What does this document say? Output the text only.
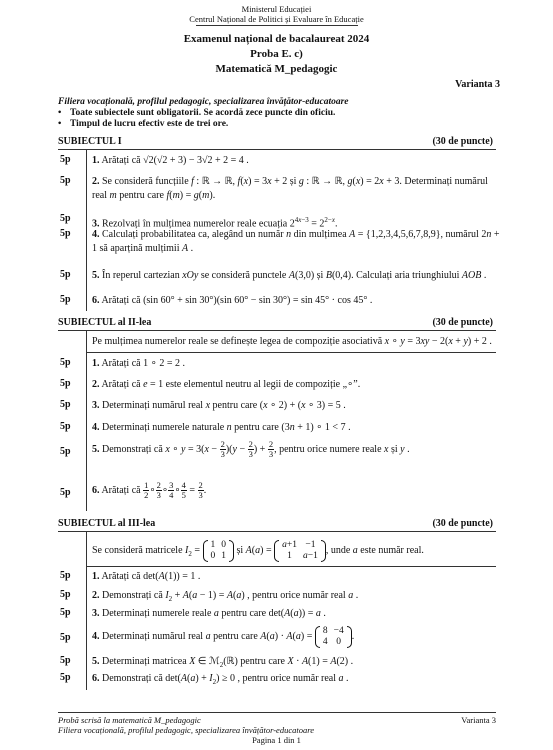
Ministerul Educației
Centrul Național de Politici și Evaluare în Educație
Examenul național de bacalaureat 2024
Proba E. c)
Matematică M_pedagogic
Varianta 3
Filiera vocațională, profilul pedagogic, specializarea învățător-educatoare
• Toate subiectele sunt obligatorii. Se acordă zece puncte din oficiu.
• Timpul de lucru efectiv este de trei ore.
SUBIECTUL I	(30 de puncte)
5p	1. Arătați că √2(√2 + 3) − 3√2 + 2 = 4 .
5p	2. Se consideră funcțiile f : ℝ → ℝ, f(x) = 3x + 2 și g : ℝ → ℝ, g(x) = 2x + 3. Determinați numărul real m pentru care f(m) = g(m).
5p	3. Rezolvați în mulțimea numerelor reale ecuația $2^{4x-3} = 2^{2-x}$.
5p	4. Calculați probabilitatea ca, alegând un număr n din mulțimea A = {1,2,3,4,5,6,7,8,9}, numărul 2n + 1 să aparțină mulțimii A .
5p	5. În reperul cartezian xOy se consideră punctele A(3,0) și B(0,4). Calculați aria triunghiului AOB .
5p	6. Arătați că (sin 60° + sin 30°)(sin 60° − sin 30°) = sin 45° · cos 45° .
SUBIECTUL al II-lea	(30 de puncte)
Pe mulțimea numerelor reale se definește legea de compoziție asociativă x ∘ y = 3xy − 2(x + y) + 2 .
5p	1. Arătați că 1 ∘ 2 = 2 .
5p	2. Arătați că e = 1 este elementul neutru al legii de compoziție „∘”.
5p	3. Determinați numărul real x pentru care (x ∘ 2) + (x ∘ 3) = 5 .
5p	4. Determinați numerele naturale n pentru care (3n + 1) ∘ 1 < 7 .
5p	5. Demonstrați că x ∘ $y = 3(x - \frac{2}{3} )(y - \frac{2}{3}$ ) + $\frac{2}{3}$ , pentru orice numere reale x și y .
5p	6. Arătați că $\frac{1}{2}$ ∘ $\frac{2}{3}$ ∘ $\frac{3}{4}$ ∘ $\frac{4}{5} = \frac{2}{3}$ .
SUBIECTUL al III-lea	(30 de puncte)
Se consideră matricele $I_2$ =
1	0
0	1 și A(a) =
a+1	−1
1	a−1 , unde a este număr real.
5p	1. Arătați că det(A(1)) = 1 .
5p	2. Demonstrați că $I_2 + A(a - 1) = A(a)$ , pentru orice număr real a .
5p	3. Determinați numerele reale a pentru care det(A(a)) = a .
5p	4. Determinați numărul real a pentru care A(a) · A(a) =
8	−4
4	0 .
5p	5. Determinați matricea X ∈ ℳ$_2$(ℝ) pentru care X · A(1) = A(2) .
5p	6. Demonstrați că $\det(A(a) + I_2) \ge 0$ , pentru orice număr real a .
Probă scrisă la matematică M_pedagogic	Varianta 3
Filiera vocațională, profilul pedagogic, specializarea învățător-educatoare
Pagina 1 din 1
